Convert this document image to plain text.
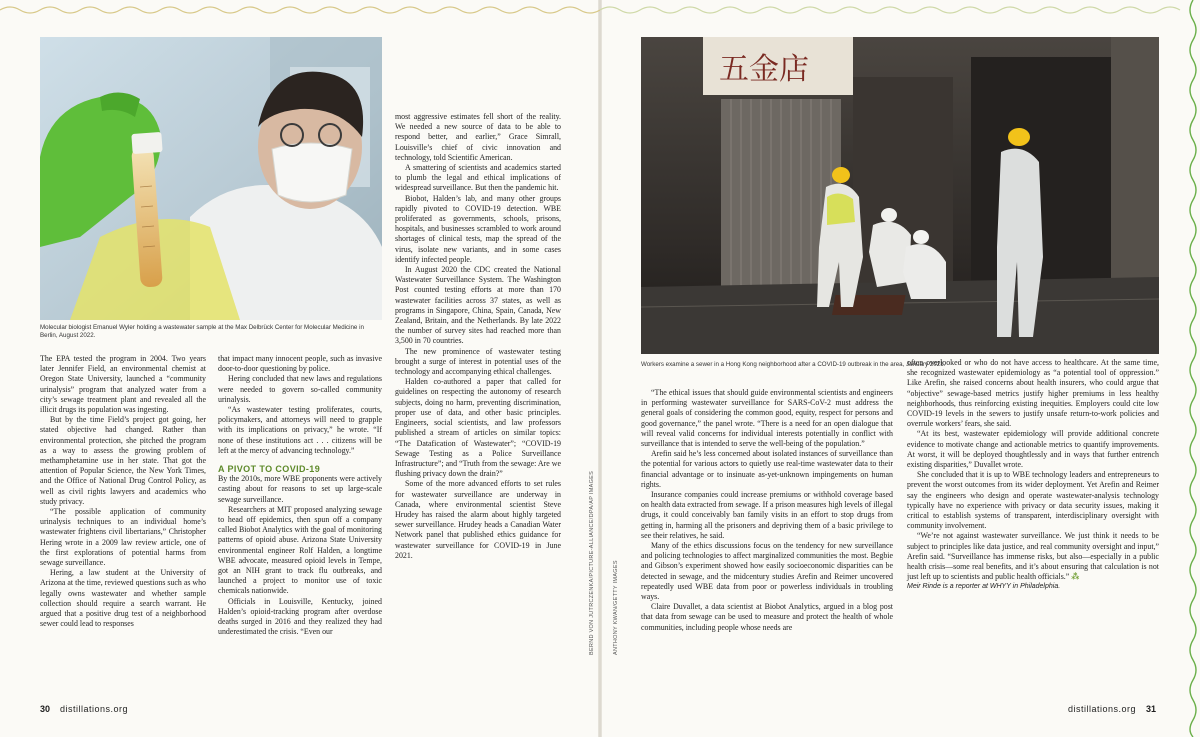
Molecular biologist Emanuel Wyler holding a wastewater sample at the Max Delbrück Center for Molecular Medicine in Berlin, August 2022.
五金店
Workers examine a sewer in a Hong Kong neighborhood after a COVID-19 outbreak in the area, January 2021.
BERND VON JUTRCZENKA/PICTURE-ALLIANCE/DPA/AP IMAGES	ANTHONY KWAN/GETTY IMAGES

The EPA tested the program in 2004. Two years later Jennifer Field, an environmental chemist at Oregon State University, launched a “community urinalysis” program that analyzed water from a city’s sewage treatment plant and revealed all the illicit drugs its population was ingesting.

But by the time Field’s project got going, her stated objective had changed. Rather than environmental protection, she pitched the program as a way to assess the growing problem of methamphetamine use in her state. That got the attention of Popular Science, the New York Times, and the Office of National Drug Control Policy, as well as civil rights lawyers and academics who study privacy.

“The possible application of community urinalysis techniques to an individual home’s wastewater frightens civil libertarians,” Christopher Hering wrote in a 2009 law review article, one of the first explorations of potential harms from sewage surveillance.

Hering, a law student at the University of Arizona at the time, reviewed questions such as who legally owns wastewater and whether sample collection should require a search warrant. He argued that a positive drug test of a neighborhood sewer could lead to responses

that impact many innocent people, such as invasive door-to-door questioning by police.

Hering concluded that new laws and regulations were needed to govern so-called community urinalysis.

“As wastewater testing proliferates, courts, policymakers, and attorneys will need to grapple with its implications on privacy,” he wrote. “If none of these institutions act . . . citizens will be left at the mercy of advancing technology.”

A PIVOT TO COVID-19

By the 2010s, more WBE proponents were actively casting about for reasons to set up large-scale sewage surveillance.

Researchers at MIT proposed analyzing sewage to head off epidemics, then spun off a company called Biobot Analytics with the goal of monitoring patterns of opioid abuse. Arizona State University environmental engineer Rolf Halden, a longtime WBE advocate, measured opioid levels in Tempe, got an NIH grant to track flu outbreaks, and launched a project to monitor use of toxic chemicals nationwide.

Officials in Louisville, Kentucky, joined Halden’s opioid-tracking program after overdose deaths surged in 2016 and they realized they had underestimated the crisis. “Even our

most aggressive estimates fell short of the reality. We needed a new source of data to be able to respond better, and earlier,” Grace Simrall, Louisville’s chief of civic innovation and technology, told Scientific American.

A smattering of scientists and academics started to plumb the legal and ethical implications of widespread surveillance. But then the pandemic hit.

Biobot, Halden’s lab, and many other groups rapidly pivoted to COVID-19 detection. WBE proliferated as governments, schools, prisons, hospitals, and businesses scrambled to work around shortages of clinical tests, map the spread of the virus, isolate new variants, and in some cases identify infected people.

In August 2020 the CDC created the National Wastewater Surveillance System. The Washington Post counted testing efforts at more than 170 wastewater facilities across 37 states, as well as programs in Singapore, China, Spain, Canada, New Zealand, Britain, and the Netherlands. By late 2022 the number of survey sites had reached more than 3,500 in 70 countries.

The new prominence of wastewater testing brought a surge of interest in potential uses of the technology and accompanying ethical challenges.

Halden co-authored a paper that called for guidelines on respecting the autonomy of research subjects, doing no harm, preventing discrimination, proper use of data, and other basic principles. Engineers, social scientists, and law professors published a stream of articles on similar topics: “The Datafication of Wastewater”; “COVID-19 Sewage Testing as a Police Surveillance Infrastructure”; and “Truth from the sewage: Are we flushing privacy down the drain?”

Some of the more advanced efforts to set rules for wastewater surveillance are underway in Canada, where environmental scientist Steve Hrudey has raised the alarm about highly targeted sewer surveillance. Hrudey heads a Canadian Water Network panel that published ethics guidance for wastewater surveillance for COVID-19 in June 2021.

“The ethical issues that should guide environmental scientists and engineers in performing wastewater surveillance for SARS-CoV-2 must address the general goals of considering the common good, equity, respect for persons and good governance,” the panel wrote. “There is a need for an open dialogue that will reveal valid concerns for individual interests potentially in conflict with surveillance that is intended to serve the well-being of the population.”

Arefin said he’s less concerned about isolated instances of surveillance than the potential for various actors to quietly use real-time wastewater data to their financial advantage or to insinuate as-yet-unknown impingements on human rights.

Insurance companies could increase premiums or withhold coverage based on health data extracted from sewage. If a prison measures high levels of illegal drugs, it could conceivably ban family visits in an effort to stop drugs from getting in, harming all the prisoners and depriving them of a basic privilege to see their relatives, he said.

Many of the ethics discussions focus on the tendency for new surveillance and policing technologies to affect marginalized communities the most. Begbie and Gibson’s experiment showed how easily socioeconomic disparities can be detected in sewage, and the midcentury studies Arefin and Reimer uncovered repeatedly used WBE data from poor or powerless individuals in troubling ways.

Claire Duvallet, a data scientist at Biobot Analytics, argued in a blog post that data from sewage can be used to measure and protect the health of whole communities, including people whose needs are

often overlooked or who do not have access to healthcare. At the same time, she recognized wastewater epidemiology as “a potential tool of oppression.” Like Arefin, she raised concerns about health insurers, who could argue that “objective” sewage-based metrics justify higher premiums in less healthy neighborhoods, thus reinforcing existing inequities. Employers could cite low COVID-19 levels in the sewers to justify unsafe return-to-work policies and overrule workers’ fears, she said.

“At its best, wastewater epidemiology will provide additional concrete evidence to motivate change and actionable metrics to quantify improvements. At worst, it will be deployed thoughtlessly and in ways that further entrench existing disparities,” Duvallet wrote.

She concluded that it is up to WBE technology leaders and entrepreneurs to prevent the worst outcomes from its wider deployment. Yet Arefin and Reimer say the engineers who design and operate wastewater-analysis technology typically have no experience with privacy or data security issues, making it critical to establish systems of transparent, interdisciplinary oversight with community involvement.

“We’re not against wastewater surveillance. We just think it needs to be subject to principles like data justice, and real community oversight and input,” Arefin said. “Surveillance has immense risks, but also—especially in a public health crisis—some real benefits, and it’s about ensuring that calculation is not just left up to scientists and public health officials.” ⁂

Meir Rinde is a reporter at WHYY in Philadelphia.

30 distillations.org	distillations.org 31
